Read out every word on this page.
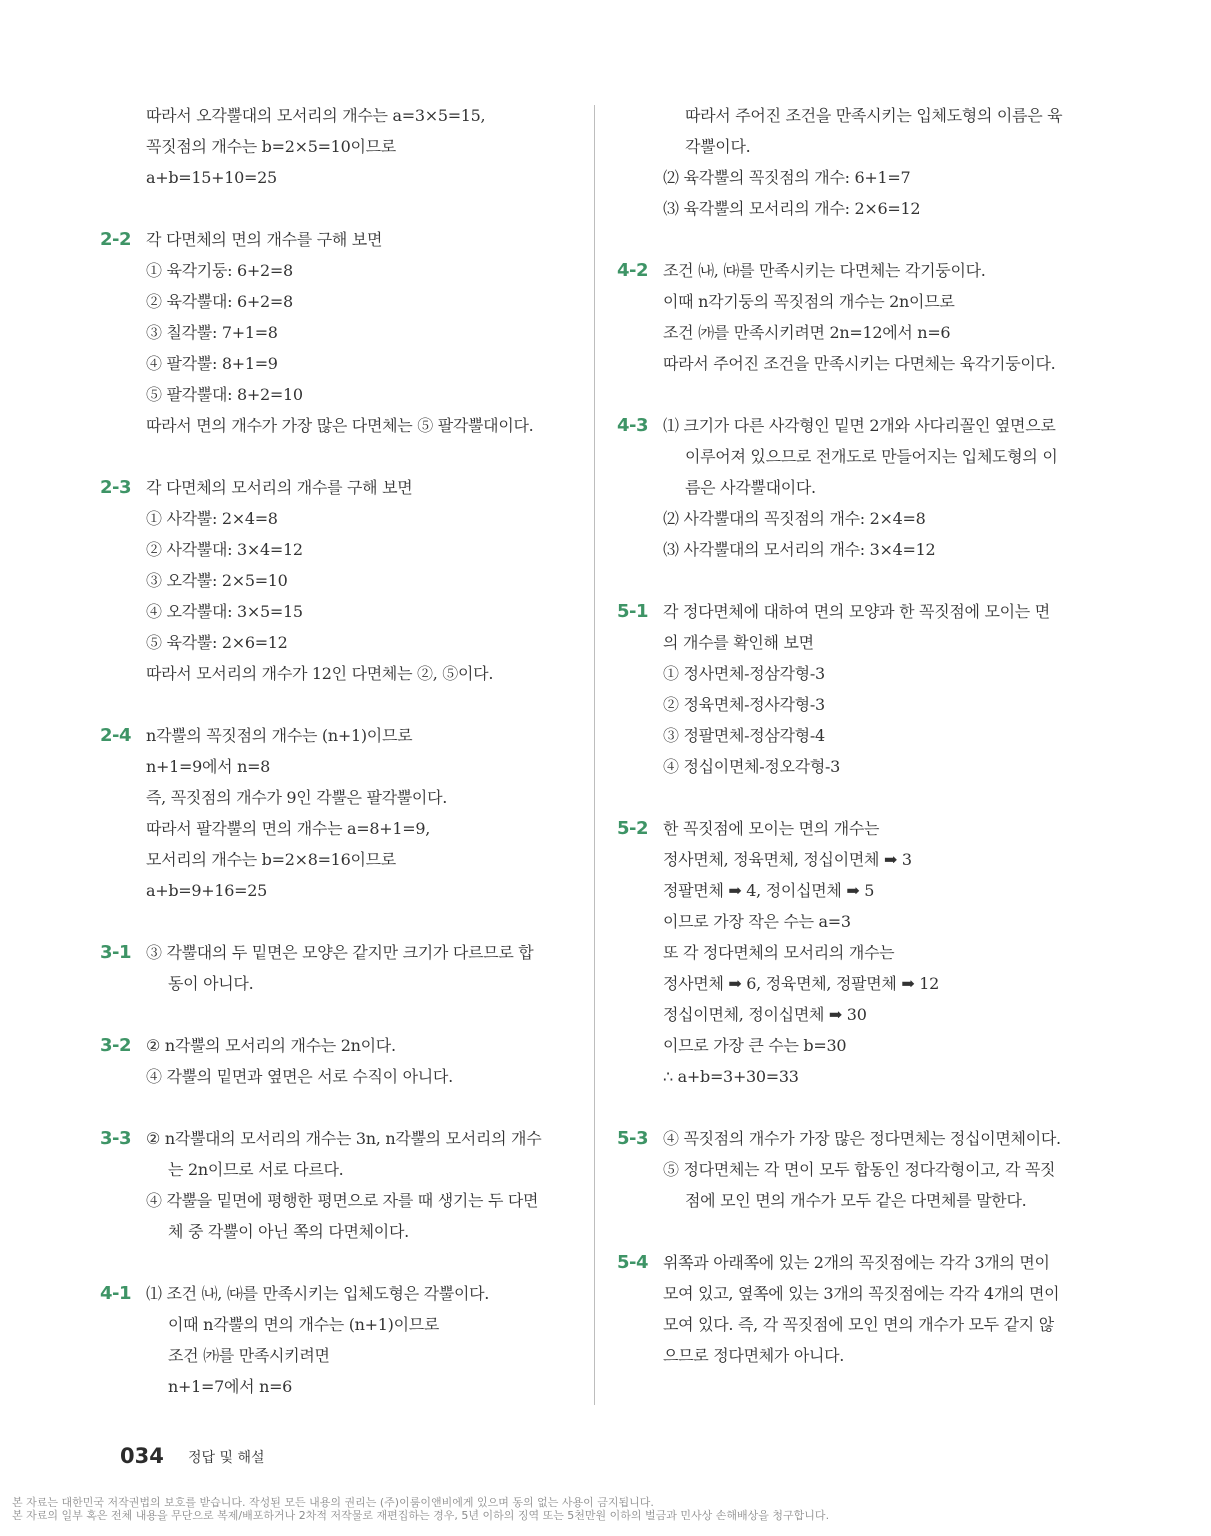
따라서 오각뿔대의 모서리의 개수는 a=3×5=15,
꼭짓점의 개수는 b=2×5=10이므로
a+b=15+10=25
2-2 각 다면체의 면의 개수를 구해 보면
① 육각기둥: 6+2=8
② 육각뿔대: 6+2=8
③ 칠각뿔: 7+1=8
④ 팔각뿔: 8+1=9
⑤ 팔각뿔대: 8+2=10
따라서 면의 개수가 가장 많은 다면체는 ⑤ 팔각뿔대이다.
2-3 각 다면체의 모서리의 개수를 구해 보면
① 사각뿔: 2×4=8
② 사각뿔대: 3×4=12
③ 오각뿔: 2×5=10
④ 오각뿔대: 3×5=15
⑤ 육각뿔: 2×6=12
따라서 모서리의 개수가 12인 다면체는 ②, ⑤이다.
2-4 n각뿔의 꼭짓점의 개수는 (n+1)이므로
n+1=9에서 n=8
즉, 꼭짓점의 개수가 9인 각뿔은 팔각뿔이다.
따라서 팔각뿔의 면의 개수는 a=8+1=9,
모서리의 개수는 b=2×8=16이므로
a+b=9+16=25
3-1 ③ 각뿔대의 두 밑면은 모양은 같지만 크기가 다르므로 합
동이 아니다.
3-2 ② n각뿔의 모서리의 개수는 2n이다.
④ 각뿔의 밑면과 옆면은 서로 수직이 아니다.
3-3 ② n각뿔대의 모서리의 개수는 3n, n각뿔의 모서리의 개수
는 2n이므로 서로 다르다.
④ 각뿔을 밑면에 평행한 평면으로 자를 때 생기는 두 다면
체 중 각뿔이 아닌 쪽의 다면체이다.
4-1 ⑴ 조건 ㈏, ㈐를 만족시키는 입체도형은 각뿔이다.
이때 n각뿔의 면의 개수는 (n+1)이므로
조건 ㈎를 만족시키려면
n+1=7에서 n=6
따라서 주어진 조건을 만족시키는 입체도형의 이름은 육
각뿔이다.
⑵ 육각뿔의 꼭짓점의 개수: 6+1=7
⑶ 육각뿔의 모서리의 개수: 2×6=12
4-2 조건 ㈏, ㈐를 만족시키는 다면체는 각기둥이다.
이때 n각기둥의 꼭짓점의 개수는 2n이므로
조건 ㈎를 만족시키려면 2n=12에서 n=6
따라서 주어진 조건을 만족시키는 다면체는 육각기둥이다.
4-3 ⑴ 크기가 다른 사각형인 밑면 2개와 사다리꼴인 옆면으로
이루어져 있으므로 전개도로 만들어지는 입체도형의 이
름은 사각뿔대이다.
⑵ 사각뿔대의 꼭짓점의 개수: 2×4=8
⑶ 사각뿔대의 모서리의 개수: 3×4=12
5-1 각 정다면체에 대하여 면의 모양과 한 꼭짓점에 모이는 면
의 개수를 확인해 보면
① 정사면체-정삼각형-3
② 정육면체-정사각형-3
③ 정팔면체-정삼각형-4
④ 정십이면체-정오각형-3
5-2 한 꼭짓점에 모이는 면의 개수는
정사면체, 정육면체, 정십이면체 ➡ 3
정팔면체 ➡ 4, 정이십면체 ➡ 5
이므로 가장 작은 수는 a=3
또 각 정다면체의 모서리의 개수는
정사면체 ➡ 6, 정육면체, 정팔면체 ➡ 12
정십이면체, 정이십면체 ➡ 30
이므로 가장 큰 수는 b=30
∴ a+b=3+30=33
5-3 ④ 꼭짓점의 개수가 가장 많은 정다면체는 정십이면체이다.
⑤ 정다면체는 각 면이 모두 합동인 정다각형이고, 각 꼭짓
점에 모인 면의 개수가 모두 같은 다면체를 말한다.
5-4 위쪽과 아래쪽에 있는 2개의 꼭짓점에는 각각 3개의 면이
모여 있고, 옆쪽에 있는 3개의 꼭짓점에는 각각 4개의 면이
모여 있다. 즉, 각 꼭짓점에 모인 면의 개수가 모두 같지 않
으므로 정다면체가 아니다.
034 정답 및 해설
본 자료는 대한민국 저작권법의 보호를 받습니다. 작성된 모든 내용의 권리는 (주)이룸이앤비에게 있으며 동의 없는 사용이 금지됩니다.
본 자료의 일부 혹은 전체 내용을 무단으로 복제/배포하거나 2차적 저작물로 재편집하는 경우, 5년 이하의 징역 또는 5천만원 이하의 벌금과 민사상 손해배상을 청구합니다.
